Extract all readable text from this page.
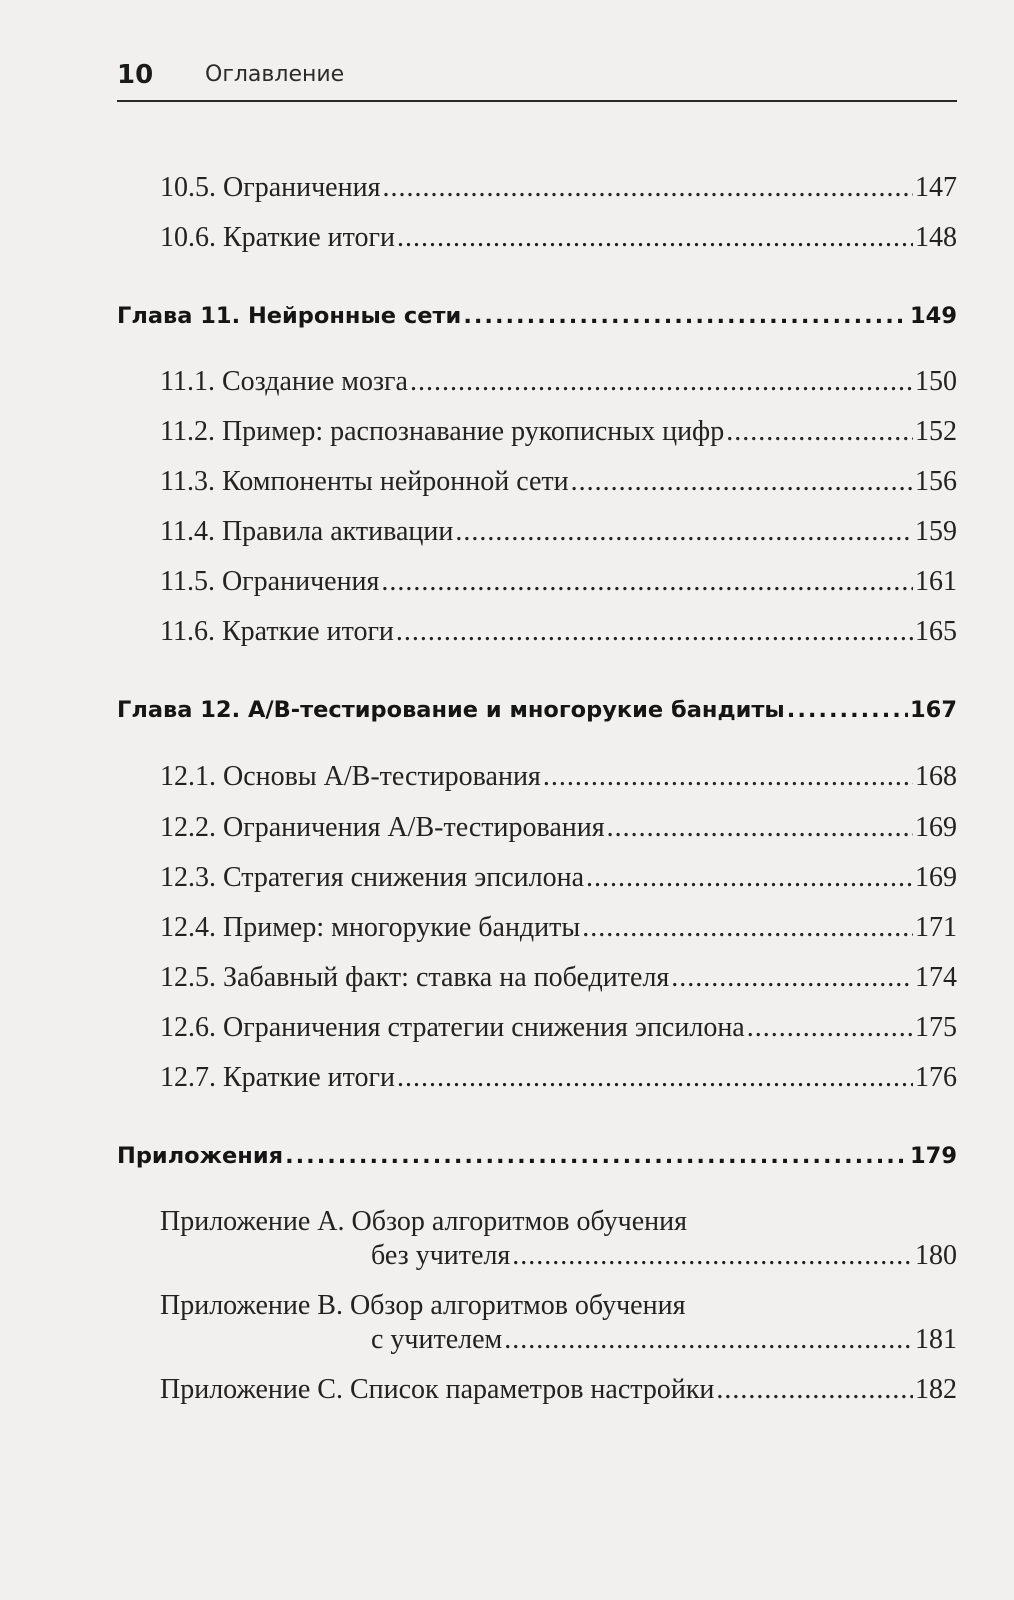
10 Оглавление
10.5. Ограничения .....	147
10.6. Краткие итоги .....	148
Глава 11. Нейронные сети .....	149
11.1. Создание мозга .....	150
11.2. Пример: распознавание рукописных цифр .....	152
11.3. Компоненты нейронной сети .....	156
11.4. Правила активации .....	159
11.5. Ограничения .....	161
11.6. Краткие итоги .....	165
Глава 12. A/B-тестирование и многорукие бандиты .....	167
12.1. Основы A/B-тестирования .....	168
12.2. Ограничения A/B-тестирования .....	169
12.3. Стратегия снижения эпсилона .....	169
12.4. Пример: многорукие бандиты .....	171
12.5. Забавный факт: ставка на победителя .....	174
12.6. Ограничения стратегии снижения эпсилона .....	175
12.7. Краткие итоги .....	176
Приложения .....	179
Приложение A. Обзор алгоритмов обучения
без учителя .....	180
Приложение B. Обзор алгоритмов обучения
с учителем .....	181
Приложение C. Список параметров настройки .....	182
